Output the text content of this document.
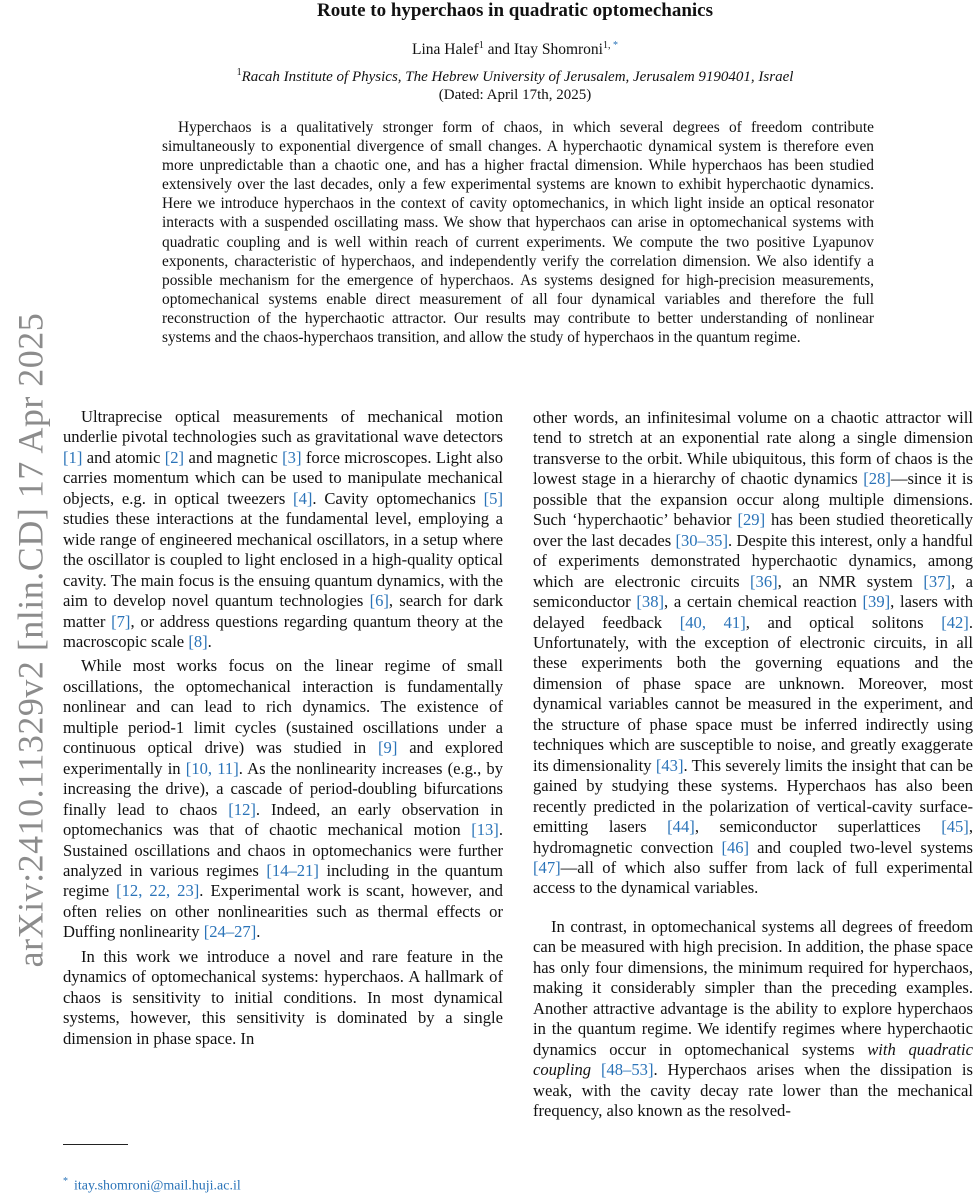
arXiv:2410.11329v2 [nlin.CD] 17 Apr 2025
Route to hyperchaos in quadratic optomechanics
Lina Halef$^1$ and Itay Shomroni$^{1, *}$
$^1$Racah Institute of Physics, The Hebrew University of Jerusalem, Jerusalem 9190401, Israel
(Dated: April 17th, 2025)

Hyperchaos is a qualitatively stronger form of chaos, in which several degrees of freedom contribute simultaneously to exponential divergence of small changes. A hyperchaotic dynamical system is therefore even more unpredictable than a chaotic one, and has a higher fractal dimension. While hyperchaos has been studied extensively over the last decades, only a few experimental systems are known to exhibit hyperchaotic dynamics. Here we introduce hyperchaos in the context of cavity optomechanics, in which light inside an optical resonator interacts with a suspended oscillating mass. We show that hyperchaos can arise in optomechanical systems with quadratic coupling and is well within reach of current experiments. We compute the two positive Lyapunov exponents, characteristic of hyperchaos, and independently verify the correlation dimension. We also identify a possible mechanism for the emergence of hyperchaos. As systems designed for high-precision measurements, optomechanical systems enable direct measurement of all four dynamical variables and therefore the full reconstruction of the hyperchaotic attractor. Our results may contribute to better understanding of nonlinear systems and the chaos-hyperchaos transition, and allow the study of hyperchaos in the quantum regime.

Ultraprecise optical measurements of mechanical motion underlie pivotal technologies such as gravitational wave detectors [1] and atomic [2] and magnetic [3] force microscopes. Light also carries momentum which can be used to manipulate mechanical objects, e.g. in optical tweezers [4]. Cavity optomechanics [5] studies these interactions at the fundamental level, employing a wide range of engineered mechanical oscillators, in a setup where the oscillator is coupled to light enclosed in a high-quality optical cavity. The main focus is the ensuing quantum dynamics, with the aim to develop novel quantum technologies [6], search for dark matter [7], or address questions regarding quantum theory at the macroscopic scale [8].

While most works focus on the linear regime of small oscillations, the optomechanical interaction is fundamentally nonlinear and can lead to rich dynamics. The existence of multiple period-1 limit cycles (sustained oscillations under a continuous optical drive) was studied in [9] and explored experimentally in [10, 11]. As the nonlinearity increases (e.g., by increasing the drive), a cascade of period-doubling bifurcations finally lead to chaos [12]. Indeed, an early observation in optomechanics was that of chaotic mechanical motion [13]. Sustained oscillations and chaos in optomechanics were further analyzed in various regimes [14–21] including in the quantum regime [12, 22, 23]. Experimental work is scant, however, and often relies on other nonlinearities such as thermal effects or Duffing nonlinearity [24–27].

In this work we introduce a novel and rare feature in the dynamics of optomechanical systems: hyperchaos. A hallmark of chaos is sensitivity to initial conditions. In most dynamical systems, however, this sensitivity is dominated by a single dimension in phase space. In

other words, an infinitesimal volume on a chaotic attractor will tend to stretch at an exponential rate along a single dimension transverse to the orbit. While ubiquitous, this form of chaos is the lowest stage in a hierarchy of chaotic dynamics [28]—since it is possible that the expansion occur along multiple dimensions. Such ‘hyperchaotic’ behavior [29] has been studied theoretically over the last decades [30–35]. Despite this interest, only a handful of experiments demonstrated hyperchaotic dynamics, among which are electronic circuits [36], an NMR system [37], a semiconductor [38], a certain chemical reaction [39], lasers with delayed feedback [40, 41], and optical solitons [42]. Unfortunately, with the exception of electronic circuits, in all these experiments both the governing equations and the dimension of phase space are unknown. Moreover, most dynamical variables cannot be measured in the experiment, and the structure of phase space must be inferred indirectly using techniques which are susceptible to noise, and greatly exaggerate its dimensionality [43]. This severely limits the insight that can be gained by studying these systems. Hyperchaos has also been recently predicted in the polarization of vertical-cavity surface-emitting lasers [44], semiconductor superlattices [45], hydromagnetic convection [46] and coupled two-level systems [47]—all of which also suffer from lack of full experimental access to the dynamical variables.

In contrast, in optomechanical systems all degrees of freedom can be measured with high precision. In addition, the phase space has only four dimensions, the minimum required for hyperchaos, making it considerably simpler than the preceding examples. Another attractive advantage is the ability to explore hyperchaos in the quantum regime. We identify regimes where hyperchaotic dynamics occur in optomechanical systems with quadratic coupling [48–53]. Hyperchaos arises when the dissipation is weak, with the cavity decay rate lower than the mechanical frequency, also known as the resolved-

* itay.shomroni@mail.huji.ac.il
